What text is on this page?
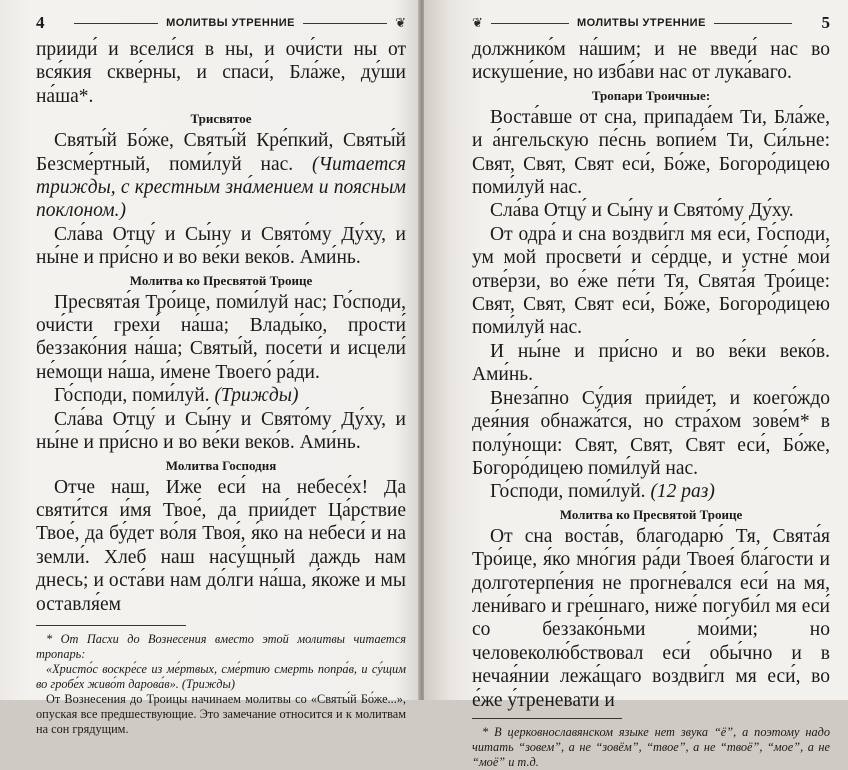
4	МОЛИТВЫ УТРЕННИЕ	❦

прииди́ и всели́ся в ны, и очи́сти ны от вся́кия скве́рны, и спаси́, Бла́же, ду́ши на́ша*.

Трисвятое

Святы́й Бо́же, Святы́й Кре́пкий, Святы́й Безсме́ртный, поми́луй нас. (Читается трижды, с крестным зна́мением и поясным поклоном.)

Сла́ва Отцу́ и Сы́ну и Свято́му Ду́ху, и ны́не и при́сно и во ве́ки веко́в. Ами́нь.

Молитва ко Пресвятой Троице

Пресвята́я Тро́ице, поми́луй нас; Го́споди, очи́сти грехи́ на́ша; Влады́ко, прости́ беззако́ния на́ша; Святы́й, посети́ и исцели́ не́мощи на́ша, и́мене Твоего́ ра́ди.

Го́споди, поми́луй. (Трижды)

Сла́ва Отцу́ и Сы́ну и Свято́му Ду́ху, и ны́не и при́сно и во ве́ки веко́в. Ами́нь.

Молитва Господня

Отче наш, Иже еси́ на небесе́х! Да святи́тся и́мя Твое́, да прии́дет Ца́рствие Твое́, да бу́дет во́ля Твоя́, я́ко на небеси́ и на земли́. Хлеб наш насу́щный даждь нам днесь; и оста́ви нам до́лги на́ша, я́коже и мы оставля́ем

* От Пасхи до Вознесения вместо этой молитвы читается тропарь:

«Христо́с воскре́се из ме́ртвых, сме́ртию смерть попра́в, и су́щим во гробе́х живо́т дарова́в». (Трижды)

От Вознесения до Троицы начинаем молитвы со «Святы́й Бо́же...», опуская все предшествующие. Это замечание относится и к молитвам на сон грядущим.

❦	МОЛИТВЫ УТРЕННИЕ	5

должнико́м на́шим; и не введи́ нас во искуше́ние, но изба́ви нас от лука́ваго.

Тропари Троичные:

Воста́вше от сна, припада́ем Ти, Бла́же, и а́нгельскую пе́снь вопие́м Ти, Си́льне: Свят, Свят, Свят еси́, Бо́же, Богоро́дицею поми́луй нас.

Сла́ва Отцу́ и Сы́ну и Свято́му Ду́ху.

От одра́ и сна воздви́гл мя еси́, Го́споди, ум мой просвети́ и се́рдце, и устне́ мои́ отве́рзи, во е́же пе́ти Тя, Свята́я Тро́ице: Свят, Свят, Свят еси́, Бо́же, Богоро́дицею поми́луй нас.

И ны́не и при́сно и во ве́ки веко́в. Ами́нь.

Внеза́пно Су́дия прии́дет, и коего́ждо дея́ния обнажа́тся, но стра́хом зове́м* в полу́нощи: Свят, Свят, Свят еси́, Бо́же, Богоро́дицею поми́луй нас.

Го́споди, поми́луй. (12 раз)

Молитва ко Пресвятой Троице

От сна воста́в, благодарю́ Тя, Свята́я Тро́ице, я́ко мно́гия ра́ди Твоея́ бла́гости и долготерпе́ния не прогне́вался еси́ на мя, лени́ваго и гре́шнаго, ниже́ погуби́л мя еси́ со беззако́ньми мои́ми; но человеколю́бствовал еси́ обы́чно и в нечая́нии лежа́щаго воздви́гл мя еси́, во е́же у́треневати и

* В церковнославянском языке нет звука “ё”, а поэтому надо читать “зовем”, а не “зовём”, “твое”, а не “твоё”, “мое”, а не “моё” и т.д.
